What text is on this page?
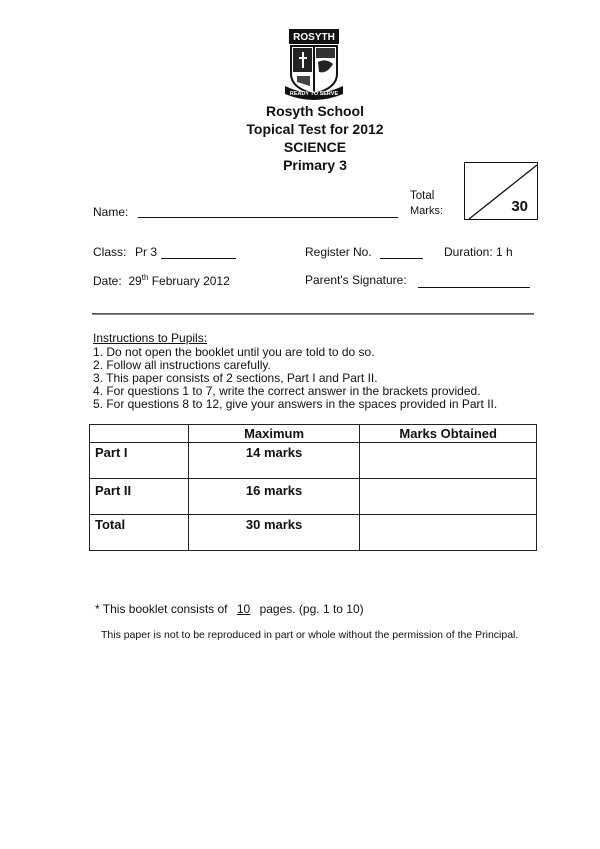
ROSYTH
READY TO SERVE
Rosyth School
Topical Test for 2012
SCIENCE
Primary 3
Total
Marks:	30
Name:
Class: Pr 3	Register No.	Duration: 1 h
Date: 29th February 2012	Parent's Signature:
Instructions to Pupils:
1. Do not open the booklet until you are told to do so.
2. Follow all instructions carefully.
3. This paper consists of 2 sections, Part I and Part II.
4. For questions 1 to 7, write the correct answer in the brackets provided.
5. For questions 8 to 12, give your answers in the spaces provided in Part II.
	Maximum	Marks Obtained
Part I	14 marks	
Part II	16 marks	
Total	30 marks	
* This booklet consists of 10 pages. (pg. 1 to 10)
This paper is not to be reproduced in part or whole without the permission of the Principal.
